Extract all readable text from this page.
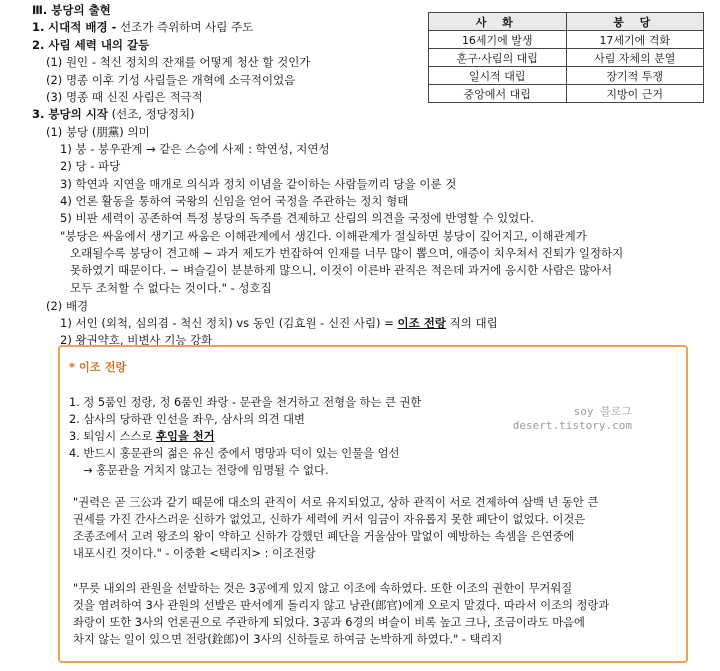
Ⅲ. 붕당의 출현
1. 시대적 배경 - 선조가 즉위하며 사림 주도
2. 사림 세력 내의 갈등
(1) 원인 - 척신 정치의 잔재를 어떻게 청산 할 것인가
(2) 명종 이후 기성 사림들은 개혁에 소극적이었음
(3) 명종 때 신진 사림은 적극적
3. 붕당의 시작 (선조, 정당정치)
(1) 붕당 (朋黨) 의미
1) 붕 - 붕우관계 → 같은 스승에 사제 : 학연성, 지연성
2) 당 - 파당
3) 학연과 지연을 매개로 의식과 정치 이념을 같이하는 사람들끼리 당을 이룬 것
4) 언론 활동을 통하여 국왕의 신임을 얻어 국정을 주관하는 정치 형태
5) 비판 세력이 공존하여 특정 붕당의 독주를 견제하고 산림의 의견을 국정에 반영할 수 있었다.
"붕당은 싸움에서 생기고 싸움은 이해관계에서 생긴다. 이해관계가 절실하면 붕당이 깊어지고, 이해관계가
오래될수록 붕당이 견고해 ~ 과거 제도가 번잡하여 인재를 너무 많이 뽑으며, 애증이 치우쳐서 진퇴가 일정하지
못하였기 때문이다. ~ 벼슬길이 분분하게 많으니, 이것이 이른바 관직은 적은데 과거에 응시한 사람은 많아서
모두 조처할 수 없다는 것이다." - 성호집
(2) 배경
1) 서인 (외척, 심의겸 - 척신 정치) vs 동인 (김효원 - 신진 사림) = 이조 전랑 직의 대립
2) 왕권약호, 비변사 기능 강화
사 화	붕 당
16세기에 발생	17세기에 격화
훈구·사림의 대립	사림 자체의 분열
일시적 대립	장기적 투쟁
중앙에서 대립	지방이 근거
* 이조 전랑
1. 정 5품인 정랑, 정 6품인 좌랑 - 문관을 천거하고 전형을 하는 큰 권한
2. 삼사의 당하관 인선을 좌우, 삼사의 의견 대변
3. 퇴임시 스스로 후임을 천거
4. 반드시 홍문관의 젊은 유신 중에서 명망과 덕이 있는 인물을 엄선
→ 홍문관을 거치지 않고는 전랑에 임명될 수 없다.
"권력은 곧 三公과 같기 때문에 대소의 관직이 서로 유지되었고, 상하 관직이 서로 견제하여 삼백 년 동안 큰
권세를 가진 간사스러운 신하가 없었고, 신하가 세력에 커서 임금이 자유롭지 못한 폐단이 없었다. 이것은
조종조에서 고려 왕조의 왕이 약하고 신하가 강했던 폐단을 거울삼아 말없이 예방하는 속셈을 은연중에
내포시킨 것이다." - 이중환 <택리지> : 이조전랑
"무릇 내외의 관원을 선발하는 것은 3공에게 있지 않고 이조에 속하였다. 또한 이조의 권한이 무거워질
것을 염려하여 3사 관원의 선발은 판서에게 돌리지 않고 낭관(郎官)에게 오로지 맡겼다. 따라서 이조의 정랑과
좌랑이 또한 3사의 언론권으로 주관하게 되었다. 3공과 6경의 벼슬이 비록 높고 크나, 조금이라도 마음에
차지 않는 일이 있으면 전랑(銓郎)이 3사의 신하들로 하여금 논박하게 하였다." - 택리지
soy 블로그
desert.tistory.com
